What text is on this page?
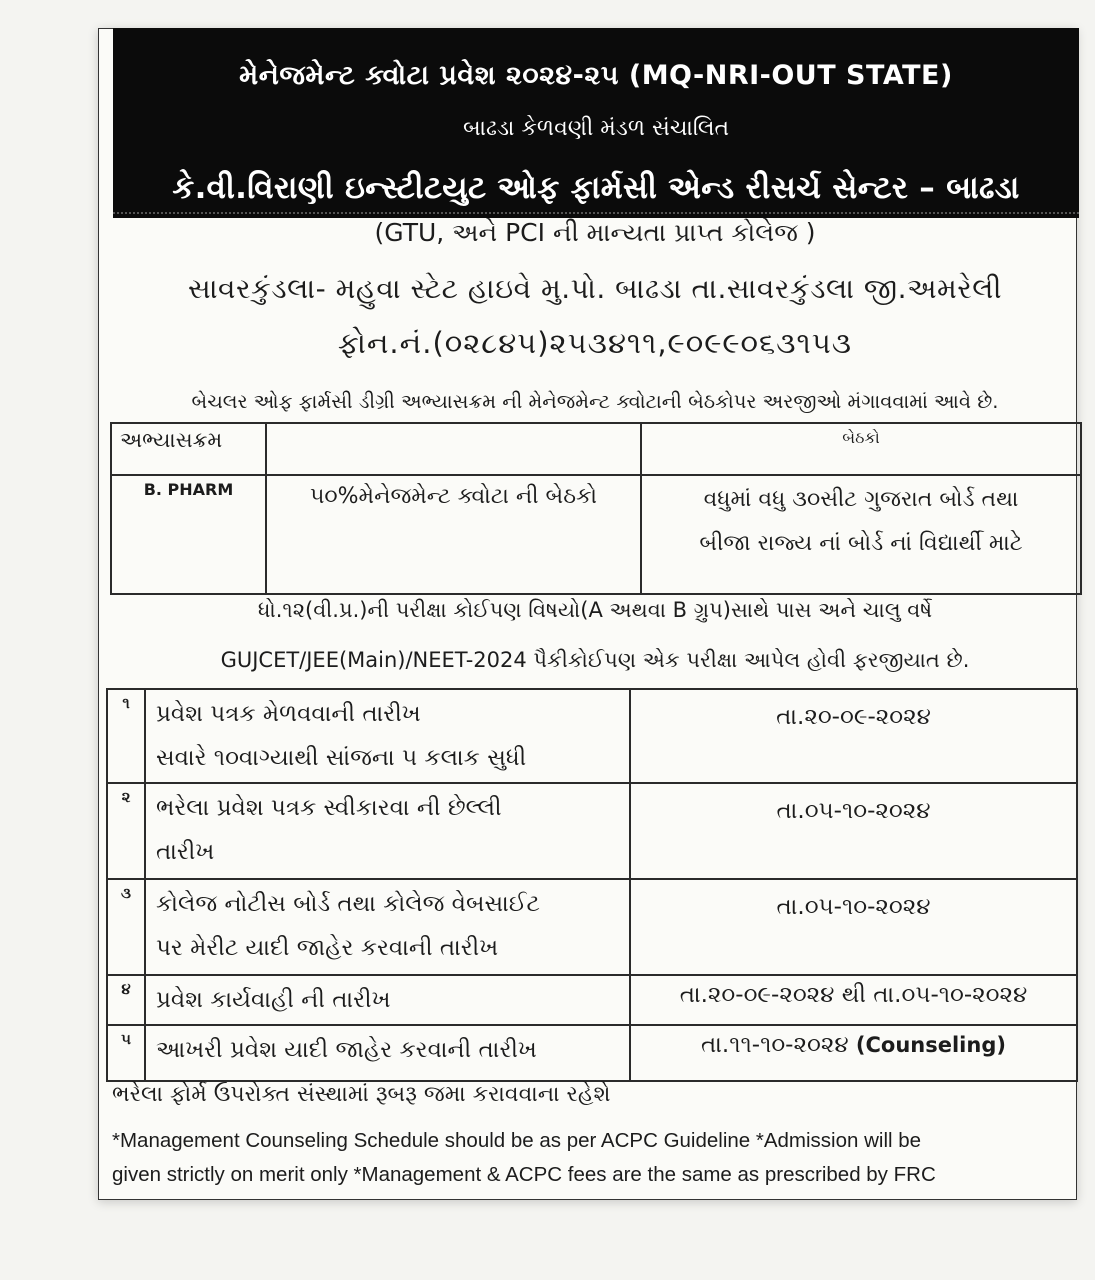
મેનેજમેન્ટ ક્વોટા પ્રવેશ ૨૦૨૪-૨૫ (MQ-NRI-OUT STATE)
બાઢડા કેળવણી મંડળ સંચાલિત
કે.વી.વિરાણી ઇન્સ્ટીટયુટ ઓફ ફાર્મસી એન્ડ રીસર્ચ સેન્ટર – બાઢડા
(GTU, અને PCI ની માન્યતા પ્રાપ્ત કોલેજ )
સાવરકુંડલા- મહુવા સ્ટેટ હાઇવે મુ.પો. બાઢડા તા.સાવરકુંડલા જી.અમરેલી
ફોન.નં.(૦૨૮૪૫)૨૫૩૪૧૧,૯૦૯૯૦૬૩૧૫૩
બેચલર ઓફ ફાર્મસી ડીગ્રી અભ્યાસક્રમ ની મેનેજમેન્ટ ક્વોટાની બેઠકોપર અરજીઓ મંગાવવામાં આવે છે.
અભ્યાસક્રમ		બેઠકો
B. PHARM	૫૦%મેનેજમેન્ટ ક્વોટા ની બેઠકો	વધુમાં વધુ ૩૦સીટ ગુજરાત બોર્ડ તથા
બીજા રાજ્ય નાં બોર્ડ નાં વિદ્યાર્થી માટે
ધો.૧૨(વી.પ્ર.)ની પરીક્ષા કોઈપણ વિષયો(A અથવા B ગ્રુપ)સાથે પાસ અને ચાલુ વર્ષે
GUJCET/JEE(Main)/NEET-2024 પૈકીકોઈપણ એક પરીક્ષા આપેલ હોવી ફરજીયાત છે.
૧	પ્રવેશ પત્રક મેળવવાની તારીખ
સવારે ૧૦વાગ્યાથી સાંજના ૫ કલાક સુધી	તા.૨૦-૦૯-૨૦૨૪
૨	ભરેલા પ્રવેશ પત્રક સ્વીકારવા ની છેલ્લી
તારીખ	તા.૦૫-૧૦-૨૦૨૪
૩	કોલેજ નોટીસ બોર્ડ તથા કોલેજ વેબસાઈટ
પર મેરીટ યાદી જાહેર કરવાની તારીખ	તા.૦૫-૧૦-૨૦૨૪
૪	પ્રવેશ કાર્યવાહી ની તારીખ	તા.૨૦-૦૯-૨૦૨૪ થી તા.૦૫-૧૦-૨૦૨૪
૫	આખરી પ્રવેશ યાદી જાહેર કરવાની તારીખ	તા.૧૧-૧૦-૨૦૨૪ (Counseling)
ભરેલા ફોર્મ ઉપરોક્ત સંસ્થામાં રૂબરૂ જમા કરાવવાના રહેશે
*Management Counseling Schedule should be as per ACPC Guideline *Admission will be
given strictly on merit only *Management & ACPC fees are the same as prescribed by FRC
